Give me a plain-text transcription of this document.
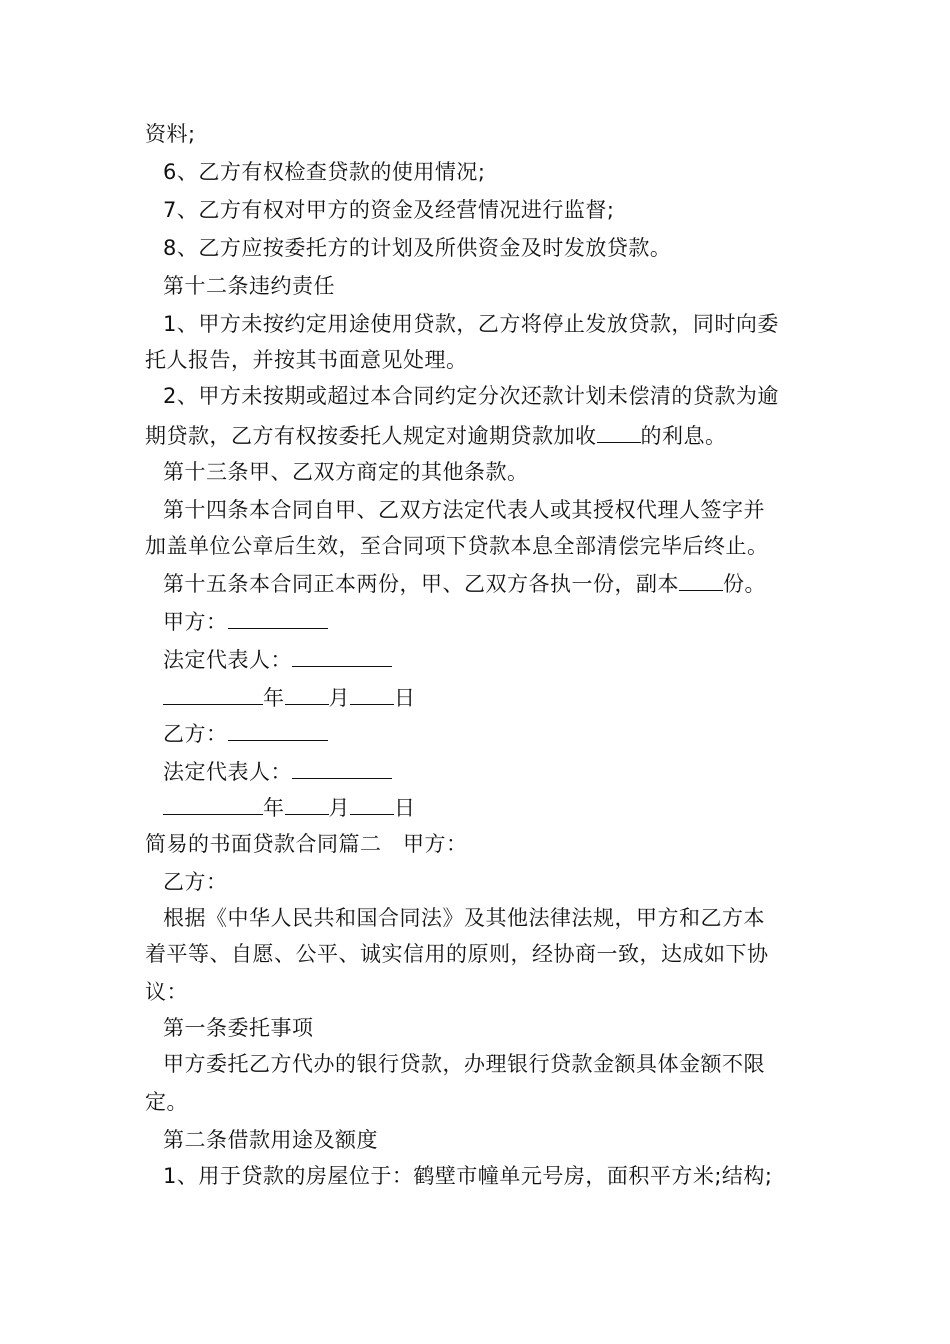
资料;
6、乙方有权检查贷款的使用情况;
7、乙方有权对甲方的资金及经营情况进行监督;
8、乙方应按委托方的计划及所供资金及时发放贷款。
第十二条违约责任
1、甲方未按约定用途使用贷款，乙方将停止发放贷款，同时向委
托人报告，并按其书面意见处理。
2、甲方未按期或超过本合同约定分次还款计划未偿清的贷款为逾
期贷款，乙方有权按委托人规定对逾期贷款加收 的利息。
第十三条甲、乙双方商定的其他条款。
第十四条本合同自甲、乙双方法定代表人或其授权代理人签字并
加盖单位公章后生效，至合同项下贷款本息全部清偿完毕后终止。
第十五条本合同正本两份，甲、乙双方各执一份，副本 份。
甲方：
法定代表人：
年 月 日
乙方：
法定代表人：
年 月 日
简易的书面贷款合同篇二　甲方：
乙方：
根据《中华人民共和国合同法》及其他法律法规，甲方和乙方本
着平等、自愿、公平、诚实信用的原则，经协商一致，达成如下协
议：
第一条委托事项
甲方委托乙方代办的银行贷款，办理银行贷款金额具体金额不限
定。
第二条借款用途及额度
1、用于贷款的房屋位于：鹤壁市幢单元号房，面积平方米;结构;
